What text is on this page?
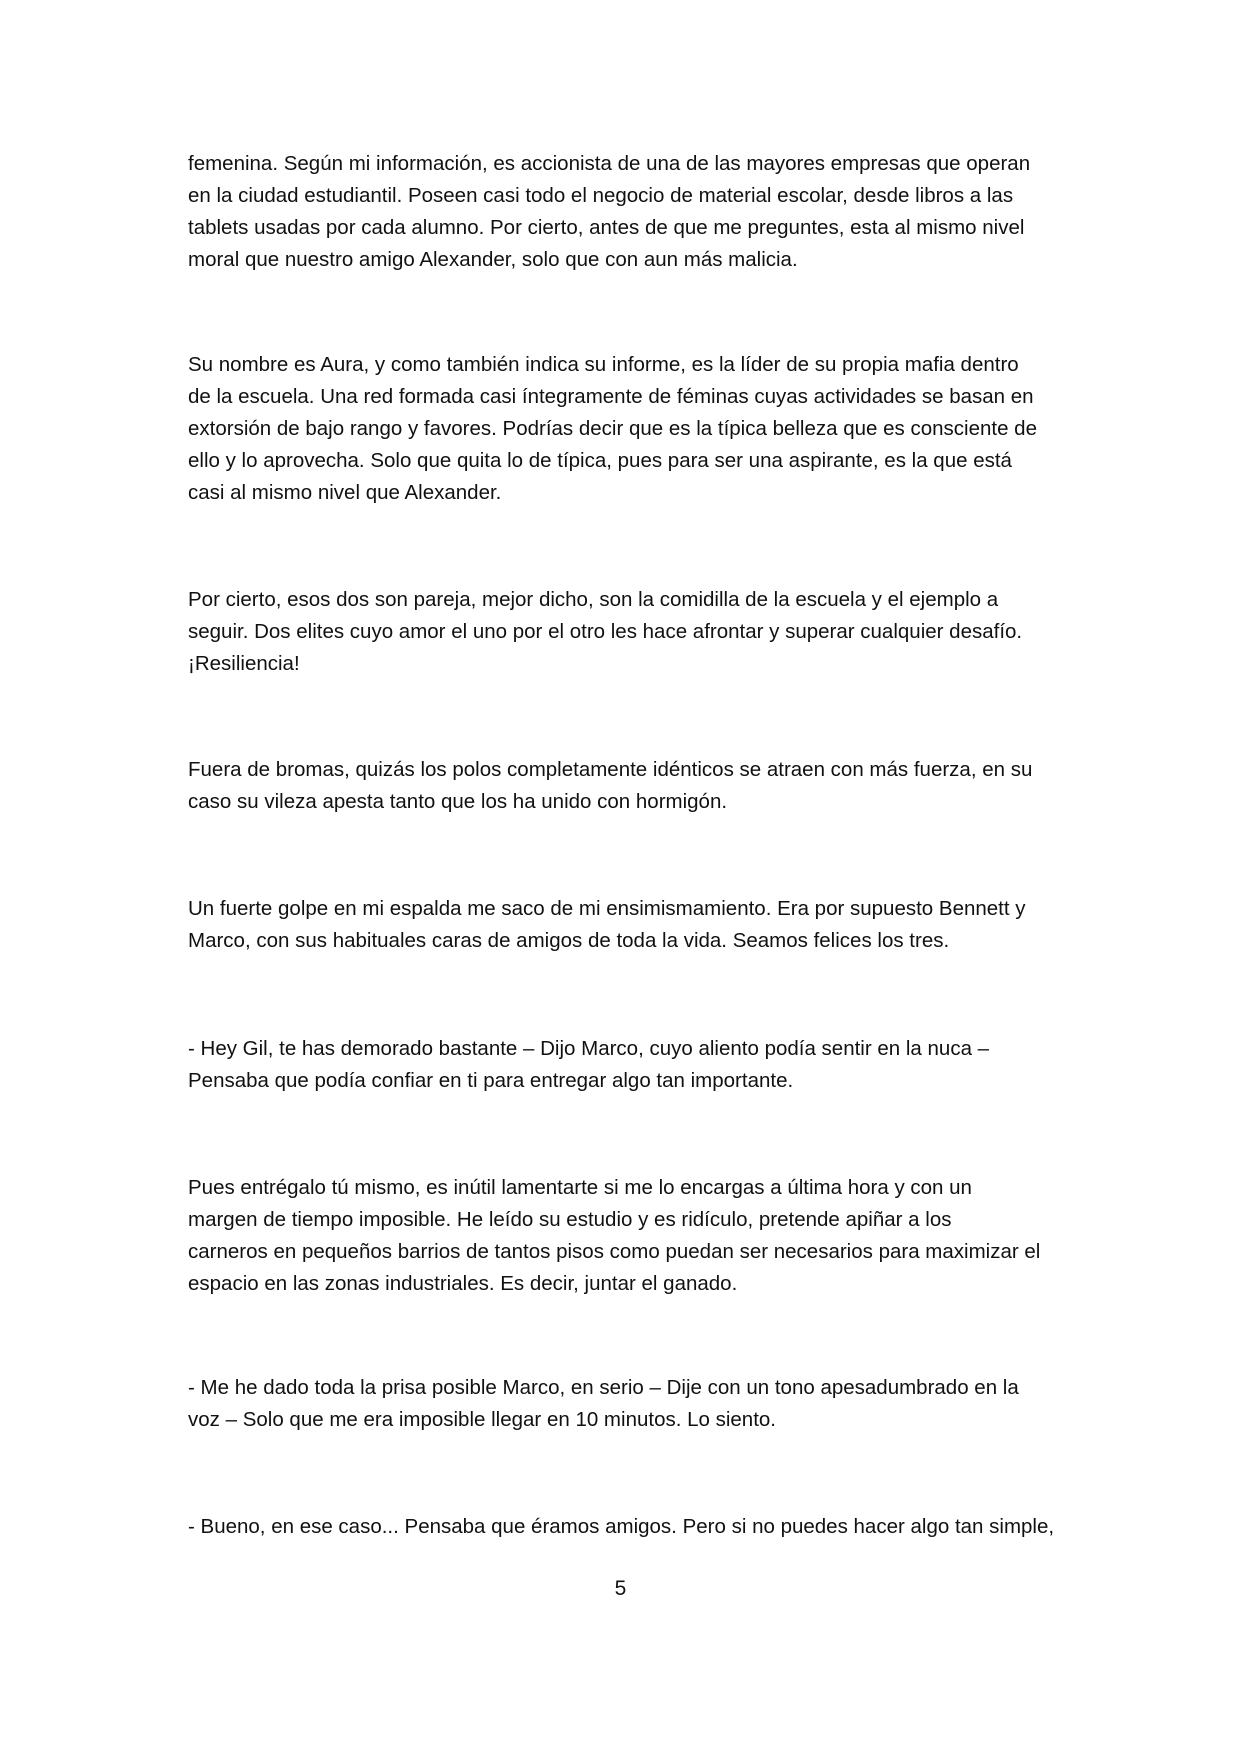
femenina. Según mi información, es accionista de una de las mayores empresas que operan
en la ciudad estudiantil. Poseen casi todo el negocio de material escolar, desde libros a las
tablets usadas por cada alumno. Por cierto, antes de que me preguntes, esta al mismo nivel
moral que nuestro amigo Alexander, solo que con aun más malicia.

Su nombre es Aura, y como también indica su informe, es la líder de su propia mafia dentro
de la escuela. Una red formada casi íntegramente de féminas cuyas actividades se basan en
extorsión de bajo rango y favores. Podrías decir que es la típica belleza que es consciente de
ello y lo aprovecha. Solo que quita lo de típica, pues para ser una aspirante, es la que está
casi al mismo nivel que Alexander.

Por cierto, esos dos son pareja, mejor dicho, son la comidilla de la escuela y el ejemplo a
seguir. Dos elites cuyo amor el uno por el otro les hace afrontar y superar cualquier desafío.
¡Resiliencia!

Fuera de bromas, quizás los polos completamente idénticos se atraen con más fuerza, en su
caso su vileza apesta tanto que los ha unido con hormigón.

Un fuerte golpe en mi espalda me saco de mi ensimismamiento. Era por supuesto Bennett y
Marco, con sus habituales caras de amigos de toda la vida. Seamos felices los tres.

- Hey Gil, te has demorado bastante – Dijo Marco, cuyo aliento podía sentir en la nuca –
Pensaba que podía confiar en ti para entregar algo tan importante.

Pues entrégalo tú mismo, es inútil lamentarte si me lo encargas a última hora y con un
margen de tiempo imposible. He leído su estudio y es ridículo, pretende apiñar a los
carneros en pequeños barrios de tantos pisos como puedan ser necesarios para maximizar el
espacio en las zonas industriales. Es decir, juntar el ganado.

- Me he dado toda la prisa posible Marco, en serio – Dije con un tono apesadumbrado en la
voz – Solo que me era imposible llegar en 10 minutos. Lo siento.

- Bueno, en ese caso... Pensaba que éramos amigos. Pero si no puedes hacer algo tan simple,

5
